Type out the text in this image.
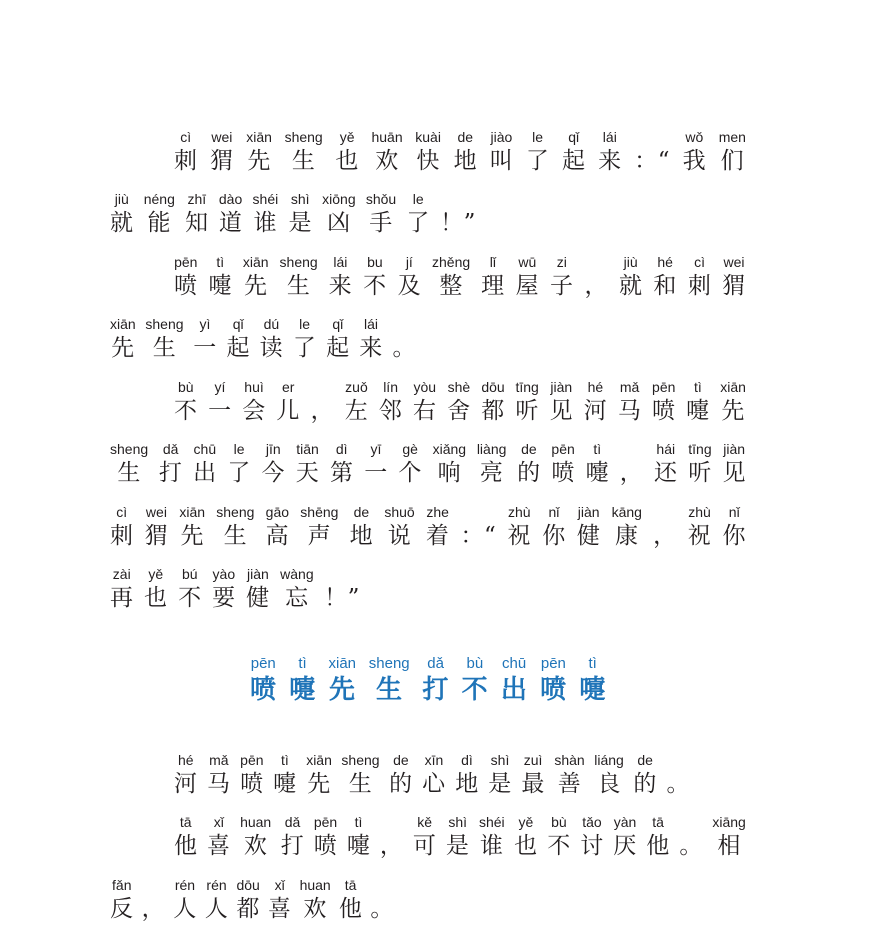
cì
刺
wei
猬
xiān
先
sheng
生
yě
也
huān
欢
kuài
快
de
地
jiào
叫
le
了
qǐ
起
lái
来 ：“
wǒ
我
men
们
jiù
就
néng
能
zhī
知
dào
道
shéi
谁
shì
是
xiōng
凶
shǒu
手
le
了 ！”
pēn
喷
tì
嚏
xiān
先
sheng
生
lái
来
bu
不
jí
及
zhěng
整
lǐ
理
wū
屋
zi
子 ，
jiù
就
hé
和
cì
刺
wei
猬
xiān
先
sheng
生
yì
一
qǐ
起
dú
读
le
了
qǐ
起
lái
来 。
bù
不
yí
一
huì
会
er
儿 ，
zuǒ
左
lín
邻
yòu
右
shè
舍
dōu
都
tīng
听
jiàn
见
hé
河
mǎ
马
pēn
喷
tì
嚏
xiān
先
sheng
生
dǎ
打
chū
出
le
了
jīn
今
tiān
天
dì
第
yī
一
gè
个
xiǎng
响
liàng
亮
de
的
pēn
喷
tì
嚏 ，
hái
还
tīng
听
jiàn
见
cì
刺
wei
猬
xiān
先
sheng
生
gāo
高
shēng
声
de
地
shuō
说
zhe
着 ：“
zhù
祝
nǐ
你
jiàn
健
kāng
康 ，
zhù
祝
nǐ
你
zài
再
yě
也
bú
不
yào
要
jiàn
健
wàng
忘 ！”
pēn
喷
tì
嚏
xiān
先
sheng
生
dǎ
打
bù
不
chū
出
pēn
喷
tì
嚏
hé
河
mǎ
马
pēn
喷
tì
嚏
xiān
先
sheng
生
de
的
xīn
心
dì
地
shì
是
zuì
最
shàn
善
liáng
良
de
的 。
tā
他
xǐ
喜
huan
欢
dǎ
打
pēn
喷
tì
嚏 ，
kě
可
shì
是
shéi
谁
yě
也
bù
不
tǎo
讨
yàn
厌
tā
他 。
xiāng
相
fǎn
反 ，
rén
人
rén
人
dōu
都
xǐ
喜
huan
欢
tā
他 。
